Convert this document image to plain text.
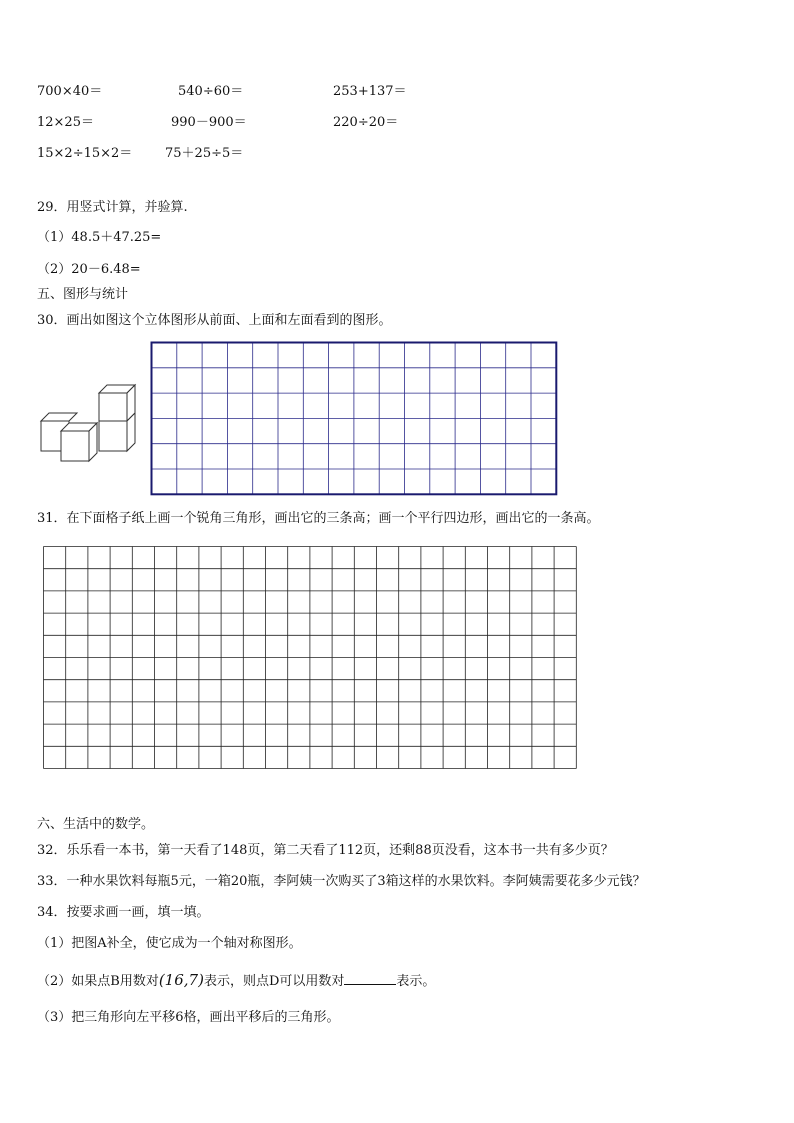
700×40＝	540÷60＝	253+137＝
12×25＝	990－900＝	220÷20＝
15×2÷15×2＝	75＋25÷5＝
29．用竖式计算，并验算.
（1）48.5＋47.25=
（2）20－6.48=
五、图形与统计
30．画出如图这个立体图形从前面、上面和左面看到的图形。
31．在下面格子纸上画一个锐角三角形，画出它的三条高；画一个平行四边形，画出它的一条高。
六、生活中的数学。
32．乐乐看一本书，第一天看了148页，第二天看了112页，还剩88页没看，这本书一共有多少页？
33．一种水果饮料每瓶5元，一箱20瓶，李阿姨一次购买了3箱这样的水果饮料。李阿姨需要花多少元钱？
34．按要求画一画，填一填。
（1）把图A补全，使它成为一个轴对称图形。
（2）如果点B用数对(16,7)表示，则点D可以用数对	表示。
（3）把三角形向左平移6格，画出平移后的三角形。
